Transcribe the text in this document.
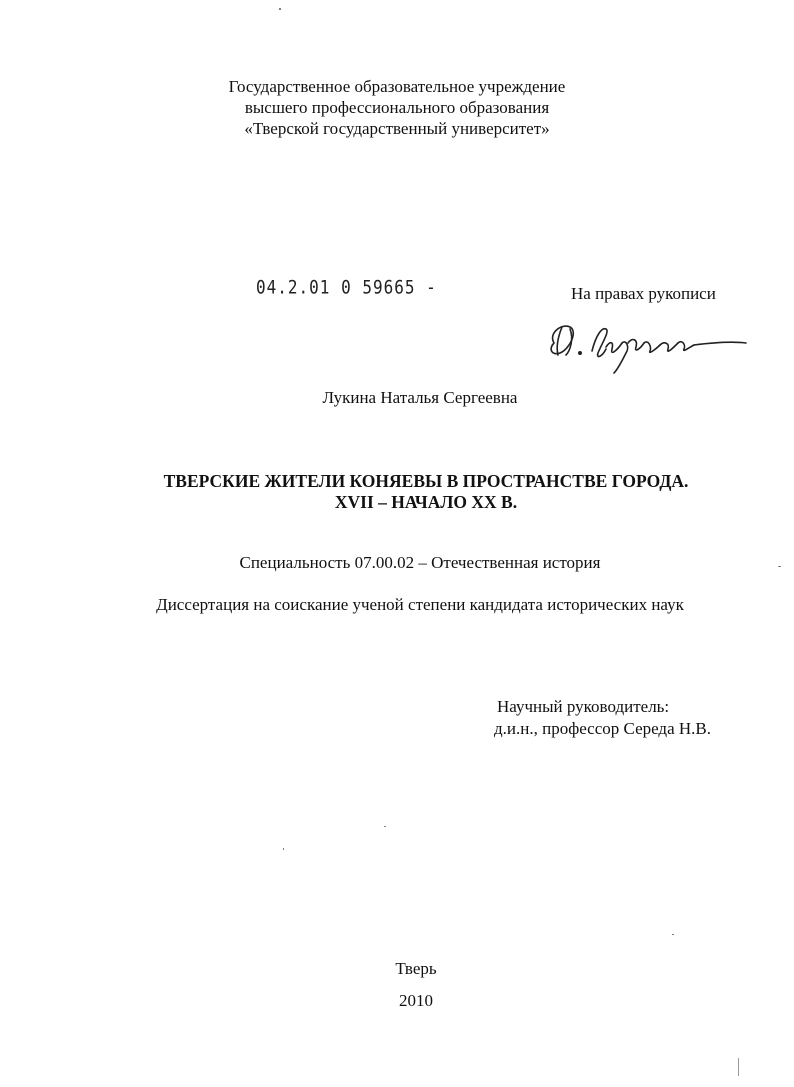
Государственное образовательное учреждение
высшего профессионального образования
«Тверской государственный университет»
04.2.01 0 59665 -	На правах рукописи
Лукина Наталья Сергеевна
ТВЕРСКИЕ ЖИТЕЛИ КОНЯЕВЫ В ПРОСТРАНСТВЕ ГОРОДА.
XVII – НАЧАЛО XX В.
Специальность 07.00.02 – Отечественная история
Диссертация на соискание ученой степени кандидата исторических наук
Научный руководитель:
д.и.н., профессор Середа Н.В.
Тверь
2010
